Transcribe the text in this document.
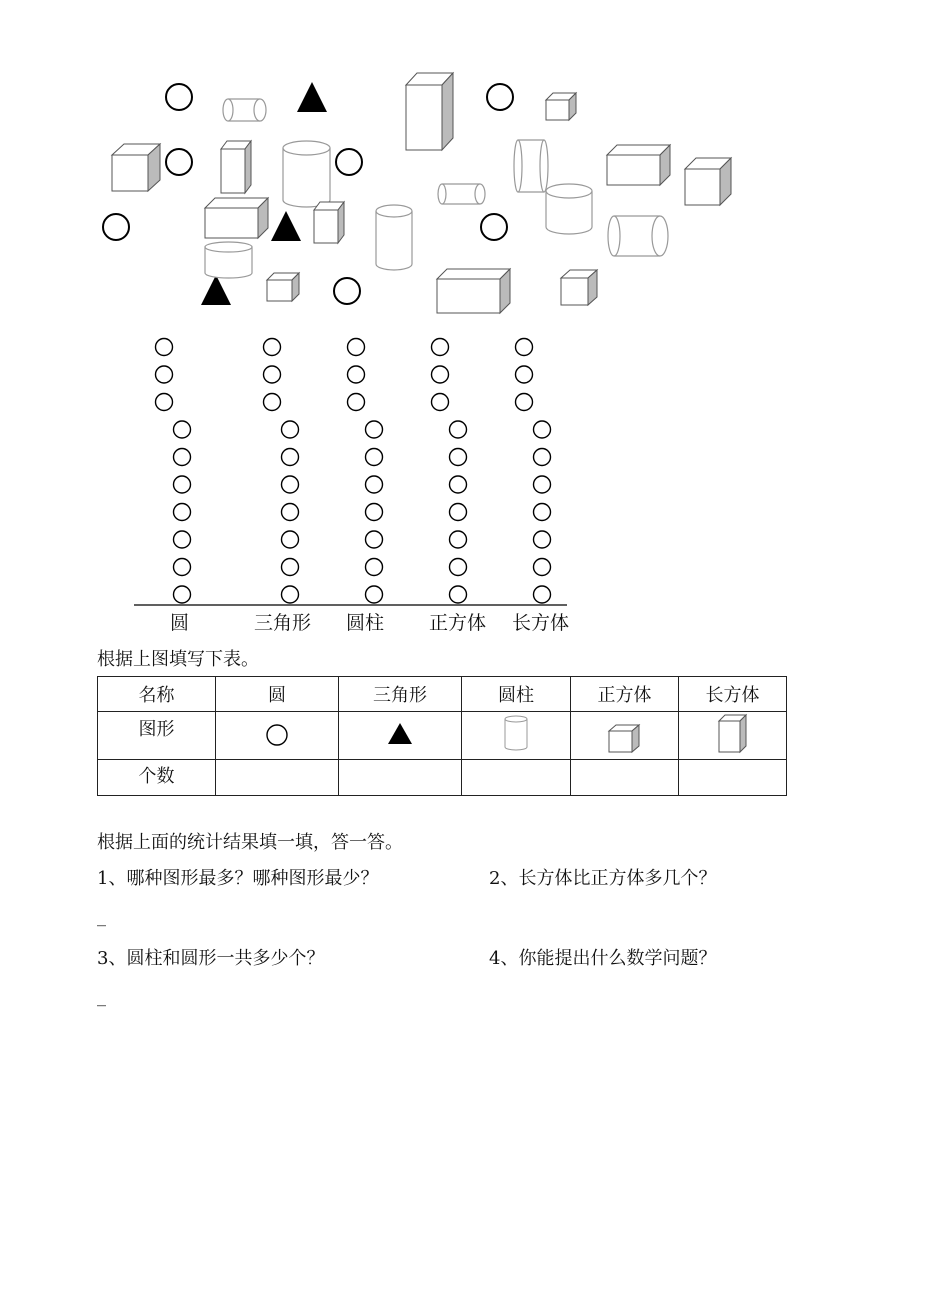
圆	三角形 圆柱 正方体 长方体
根据上图填写下表。
名称	圆	三角形	圆柱	正方体	长方体
图形					
个数					
根据上面的统计结果填一填，答一答。
1、哪种图形最多？哪种图形最少？	2、长方体比正方体多几个？
_
3、圆柱和圆形一共多少个？	4、你能提出什么数学问题？
_
